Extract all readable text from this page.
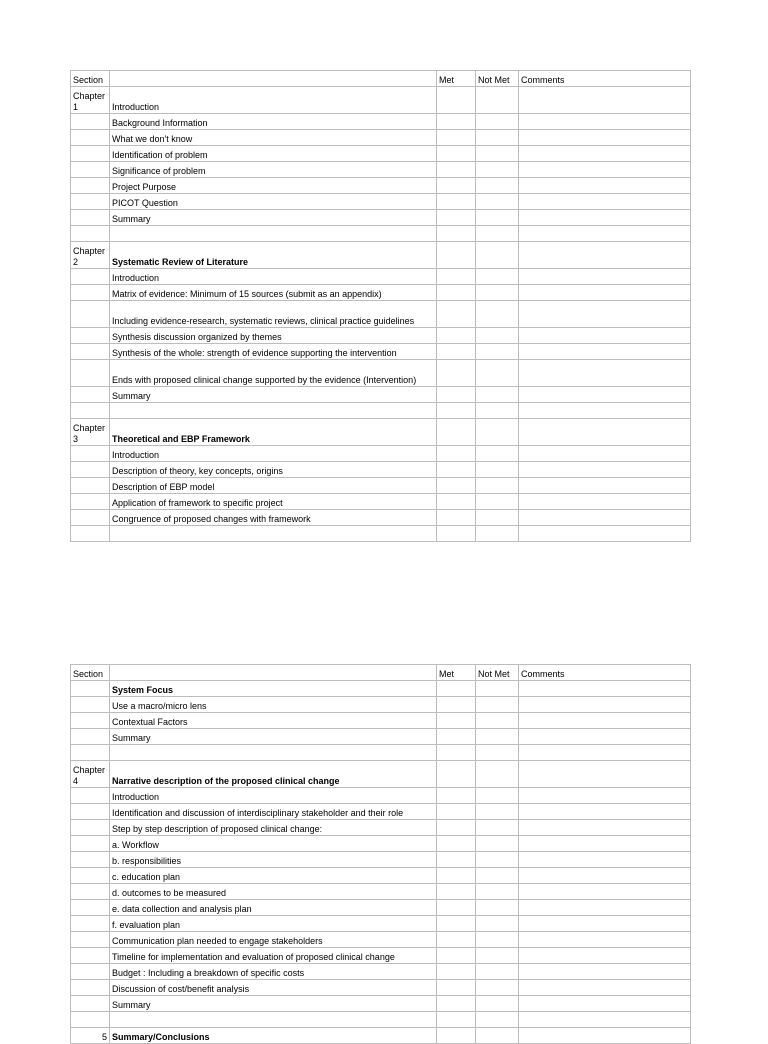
Section		Met	Not Met	Comments
Chapter 1	Introduction			
	Background Information			
	What we don't know			
	Identification of problem			
	Significance of problem			
	Project Purpose			
	PICOT Question			
	Summary			

Chapter 2	Systematic Review of Literature			
	Introduction			
	Matrix of evidence: Minimum of 15 sources (submit as an appendix)			
	Including evidence-research, systematic reviews, clinical practice guidelines			
	Synthesis discussion organized by themes			
	Synthesis of the whole: strength of evidence supporting the intervention			
	Ends with proposed clinical change supported by the evidence (Intervention)			
	Summary			

Chapter 3	Theoretical and EBP Framework			
	Introduction			
	Description of theory, key concepts, origins			
	Description of EBP model			
	Application of framework to specific project			
	Congruence of proposed changes with framework			

Section		Met	Not Met	Comments
	System Focus			
	Use a macro/micro lens			
	Contextual Factors			
	Summary			

Chapter 4	Narrative description of the proposed clinical change			
	Introduction			
	Identification and discussion of interdisciplinary stakeholder and their role			
	Step by step description of proposed clinical change:			
	a. Workflow			
	b. responsibilities			
	c. education plan			
	d. outcomes to be measured			
	e. data collection and analysis plan			
	f. evaluation plan			
	Communication plan needed to engage stakeholders			
	Timeline for implementation and evaluation of proposed clinical change			
	Budget : Including a breakdown of specific costs			
	Discussion of cost/benefit analysis			
	Summary			

5	Summary/Conclusions			
